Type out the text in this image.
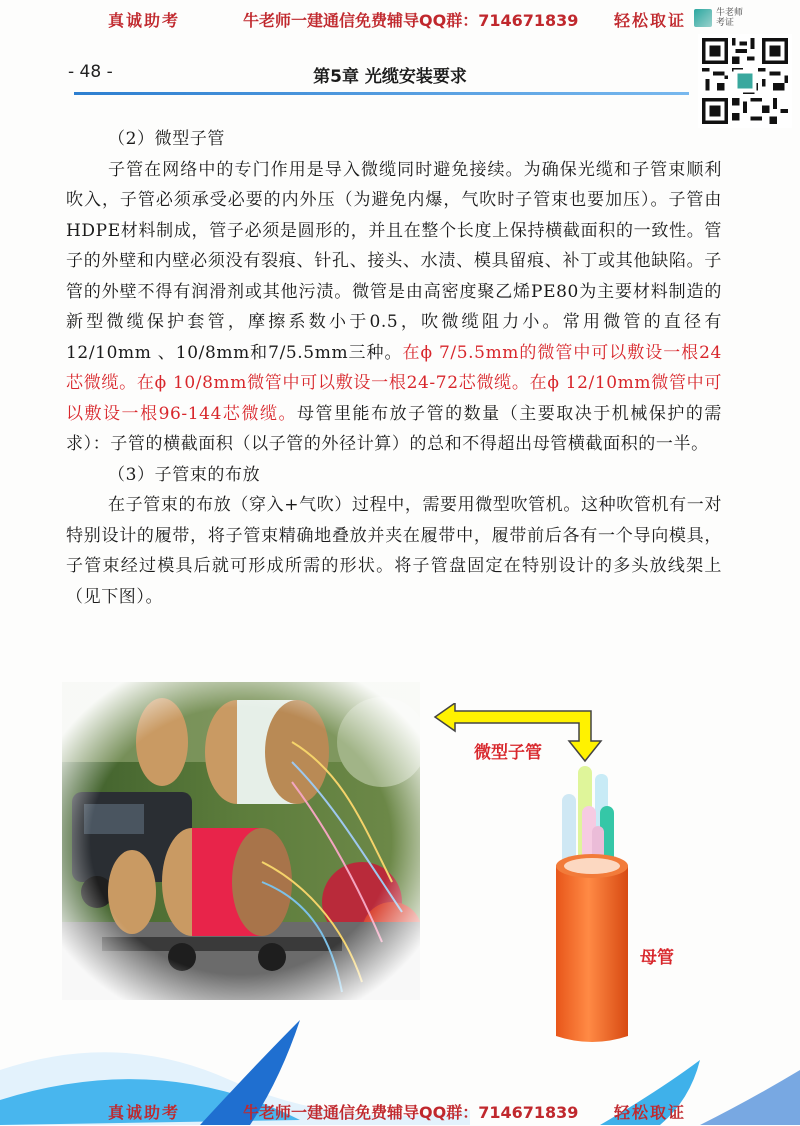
真诚助考	牛老师一建通信免费辅导QQ群：714671839 轻松取证	牛老师
考证
- 48 -	第5章 光缆安装要求

（2）微型子管

子管在网络中的专门作用是导入微缆同时避免接续。为确保光缆和子管束顺利吹入，子管必须承受必要的内外压（为避免内爆，气吹时子管束也要加压）。子管由HDPE材料制成，管子必须是圆形的，并且在整个长度上保持横截面积的一致性。管子的外壁和内壁必须没有裂痕、针孔、接头、水渍、模具留痕、补丁或其他缺陷。子管的外壁不得有润滑剂或其他污渍。微管是由高密度聚乙烯PE80为主要材料制造的新型微缆保护套管，摩擦系数小于0.5，吹微缆阻力小。常用微管的直径有12/10mm 、10/8mm和7/5.5mm三种。在ϕ 7/5.5mm的微管中可以敷设一根24芯微缆。在ϕ 10/8mm微管中可以敷设一根24-72芯微缆。在ϕ 12/10mm微管中可以敷设一根96-144芯微缆。母管里能布放子管的数量（主要取决于机械保护的需求）：子管的横截面积（以子管的外径计算）的总和不得超出母管横截面积的一半。

（3）子管束的布放

在子管束的布放（穿入+气吹）过程中，需要用微型吹管机。这种吹管机有一对特别设计的履带，将子管束精确地叠放并夹在履带中，履带前后各有一个导向模具，子管束经过模具后就可形成所需的形状。将子管盘固定在特别设计的多头放线架上（见下图）。

微型子管
母管
真诚助考	牛老师一建通信免费辅导QQ群：714671839 轻松取证
